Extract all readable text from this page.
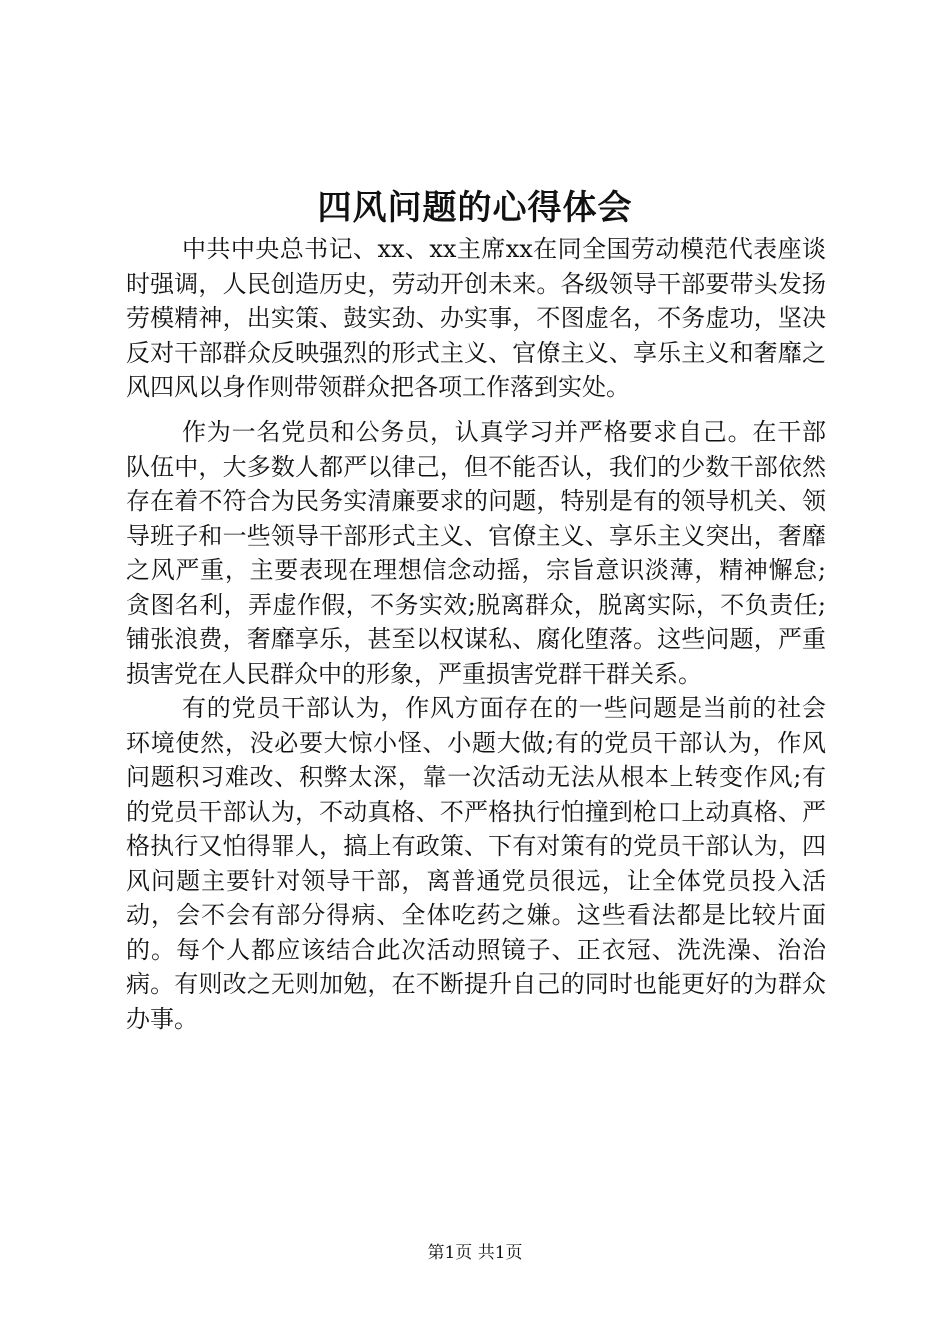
四风问题的心得体会

中共中央总书记、xx、xx主席xx在同全国劳动模范代表座谈时强调，人民创造历史，劳动开创未来。各级领导干部要带头发扬劳模精神，出实策、鼓实劲、办实事，不图虚名，不务虚功，坚决反对干部群众反映强烈的形式主义、官僚主义、享乐主义和奢靡之风四风以身作则带领群众把各项工作落到实处。

作为一名党员和公务员，认真学习并严格要求自己。在干部队伍中，大多数人都严以律己，但不能否认，我们的少数干部依然存在着不符合为民务实清廉要求的问题，特别是有的领导机关、领导班子和一些领导干部形式主义、官僚主义、享乐主义突出，奢靡之风严重，主要表现在理想信念动摇，宗旨意识淡薄，精神懈怠;贪图名利，弄虚作假，不务实效;脱离群众，脱离实际，不负责任;铺张浪费，奢靡享乐，甚至以权谋私、腐化堕落。这些问题，严重损害党在人民群众中的形象，严重损害党群干群关系。

有的党员干部认为，作风方面存在的一些问题是当前的社会环境使然，没必要大惊小怪、小题大做;有的党员干部认为，作风问题积习难改、积弊太深，靠一次活动无法从根本上转变作风;有的党员干部认为，不动真格、不严格执行怕撞到枪口上动真格、严格执行又怕得罪人，搞上有政策、下有对策有的党员干部认为，四风问题主要针对领导干部，离普通党员很远，让全体党员投入活动，会不会有部分得病、全体吃药之嫌。这些看法都是比较片面的。每个人都应该结合此次活动照镜子、正衣冠、洗洗澡、治治病。有则改之无则加勉，在不断提升自己的同时也能更好的为群众办事。

第1页 共1页
